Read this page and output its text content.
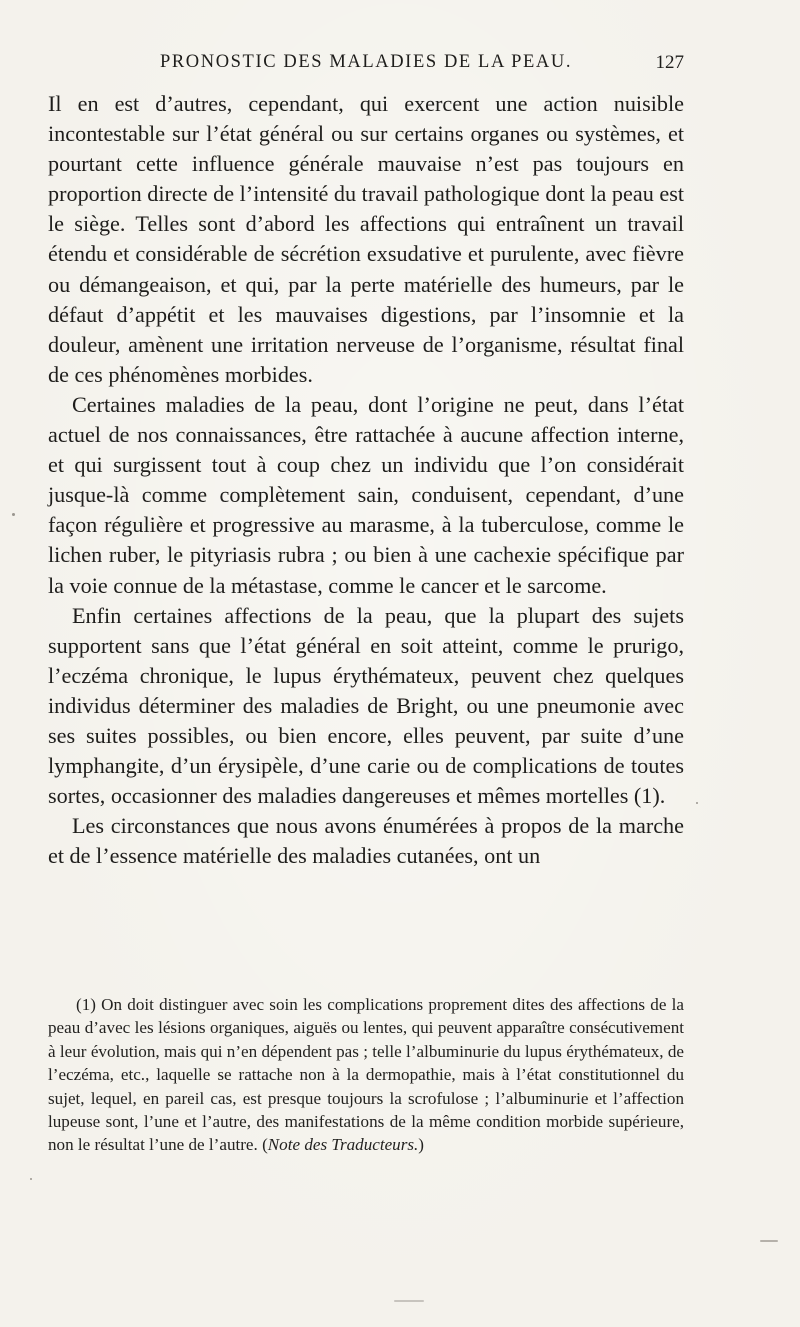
PRONOSTIC DES MALADIES DE LA PEAU.	127

Il en est d’autres, cependant, qui exercent une action nuisible incontestable sur l’état général ou sur certains organes ou systèmes, et pourtant cette influence générale mauvaise n’est pas toujours en proportion directe de l’intensité du travail pathologique dont la peau est le siège. Telles sont d’abord les affections qui entraînent un travail étendu et considérable de sécrétion exsudative et purulente, avec fièvre ou démangeaison, et qui, par la perte matérielle des humeurs, par le défaut d’appétit et les mauvaises digestions, par l’insomnie et la douleur, amènent une irritation nerveuse de l’organisme, résultat final de ces phénomènes morbides.

Certaines maladies de la peau, dont l’origine ne peut, dans l’état actuel de nos connaissances, être rattachée à aucune affection interne, et qui surgissent tout à coup chez un individu que l’on considérait jusque-là comme complètement sain, conduisent, cependant, d’une façon régulière et progressive au marasme, à la tuberculose, comme le lichen ruber, le pityriasis rubra ; ou bien à une cachexie spécifique par la voie connue de la métastase, comme le cancer et le sarcome.

Enfin certaines affections de la peau, que la plupart des sujets supportent sans que l’état général en soit atteint, comme le prurigo, l’eczéma chronique, le lupus érythémateux, peuvent chez quelques individus déterminer des maladies de Bright, ou une pneumonie avec ses suites possibles, ou bien encore, elles peuvent, par suite d’une lymphangite, d’un érysipèle, d’une carie ou de complications de toutes sortes, occasionner des maladies dangereuses et mêmes mortelles (1).

Les circonstances que nous avons énumérées à propos de la marche et de l’essence matérielle des maladies cutanées, ont un

(1) On doit distinguer avec soin les complications proprement dites des affections de la peau d’avec les lésions organiques, aiguës ou lentes, qui peuvent apparaître consécutivement à leur évolution, mais qui n’en dépendent pas ; telle l’albuminurie du lupus érythémateux, de l’eczéma, etc., laquelle se rattache non à la dermopathie, mais à l’état constitutionnel du sujet, lequel, en pareil cas, est presque toujours la scrofulose ; l’albuminurie et l’affection lupeuse sont, l’une et l’autre, des manifestations de la même condition morbide supérieure, non le résultat l’une de l’autre. (Note des Traducteurs.)
